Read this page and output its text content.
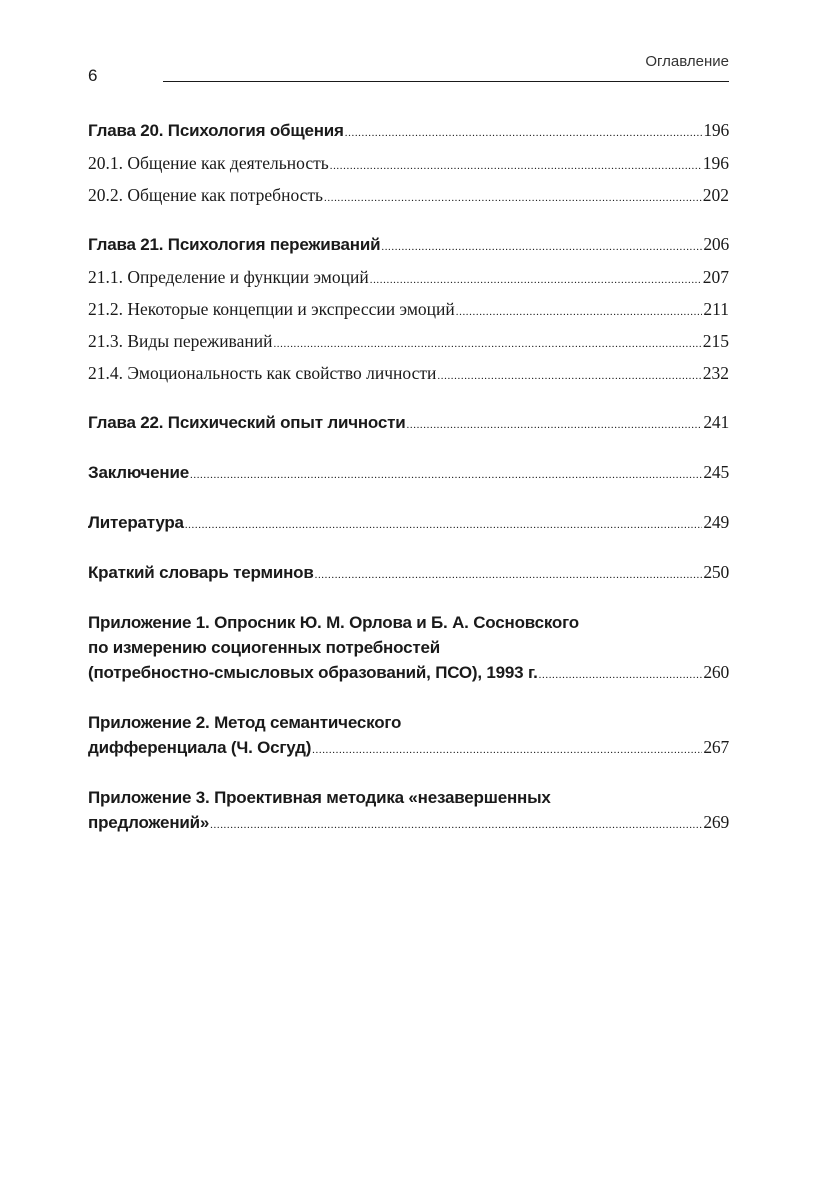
6
Оглавление
Глава 20. Психология общения .....	196
20.1. Общение как деятельность .....	196
20.2. Общение как потребность .....	202
Глава 21. Психология переживаний .....	206
21.1. Определение и функции эмоций .....	207
21.2. Некоторые концепции и экспрессии эмоций .....	211
21.3. Виды переживаний .....	215
21.4. Эмоциональность как свойство личности .....	232
Глава 22. Психический опыт личности .....	241
Заключение .....	245
Литература .....	249
Краткий словарь терминов .....	250
Приложение 1. Опросник Ю. М. Орлова и Б. А. Сосновского
по измерению социогенных потребностей
(потребностно-смысловых образований, ПСО), 1993 г. .....	260
Приложение 2. Метод семантического
дифференциала (Ч. Осгуд) .....	267
Приложение 3. Проективная методика «незавершенных
предложений» .....	269
